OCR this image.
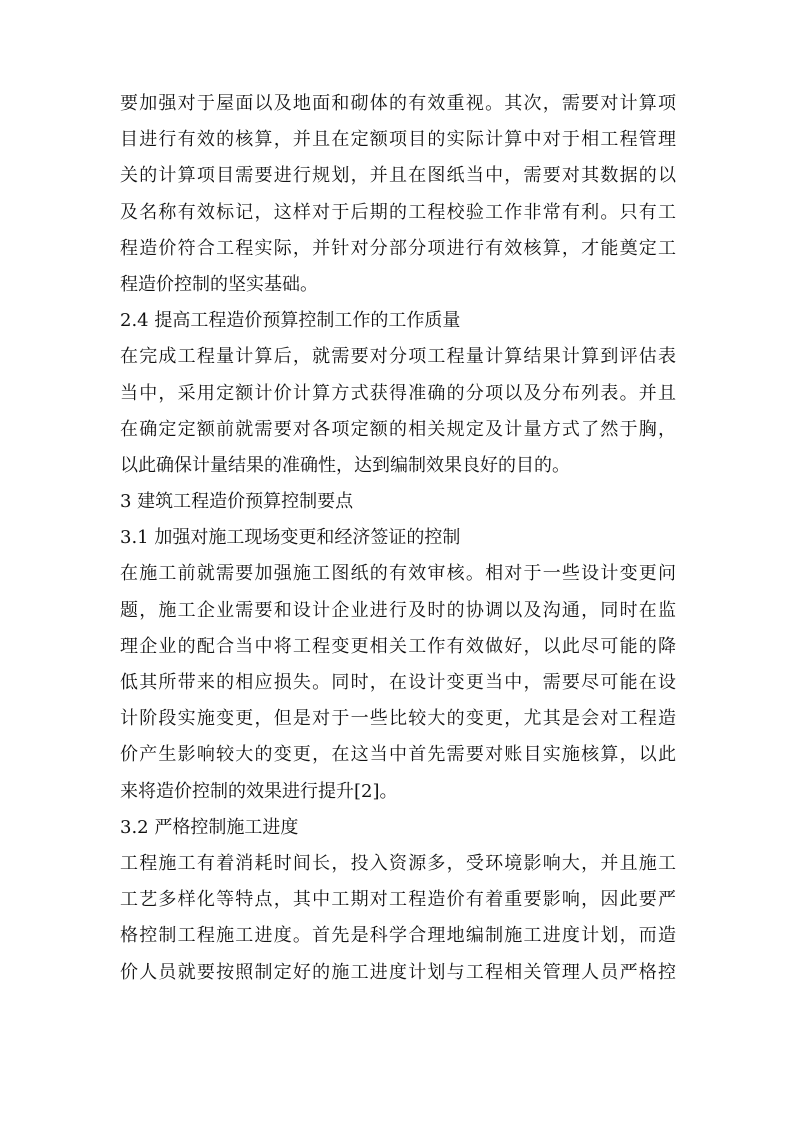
要加强对于屋面以及地面和砌体的有效重视。其次，需要对计算项
目进行有效的核算，并且在定额项目的实际计算中对于相工程管理
关的计算项目需要进行规划，并且在图纸当中，需要对其数据的以
及名称有效标记，这样对于后期的工程校验工作非常有利。只有工
程造价符合工程实际，并针对分部分项进行有效核算，才能奠定工
程造价控制的坚实基础。
2.4 提高工程造价预算控制工作的工作质量
在完成工程量计算后，就需要对分项工程量计算结果计算到评估表
当中，采用定额计价计算方式获得准确的分项以及分布列表。并且
在确定定额前就需要对各项定额的相关规定及计量方式了然于胸，
以此确保计量结果的准确性，达到编制效果良好的目的。
3 建筑工程造价预算控制要点
3.1 加强对施工现场变更和经济签证的控制
在施工前就需要加强施工图纸的有效审核。相对于一些设计变更问
题，施工企业需要和设计企业进行及时的协调以及沟通，同时在监
理企业的配合当中将工程变更相关工作有效做好，以此尽可能的降
低其所带来的相应损失。同时，在设计变更当中，需要尽可能在设
计阶段实施变更，但是对于一些比较大的变更，尤其是会对工程造
价产生影响较大的变更，在这当中首先需要对账目实施核算，以此
来将造价控制的效果进行提升[2]。
3.2 严格控制施工进度
工程施工有着消耗时间长，投入资源多，受环境影响大，并且施工
工艺多样化等特点，其中工期对工程造价有着重要影响，因此要严
格控制工程施工进度。首先是科学合理地编制施工进度计划，而造
价人员就要按照制定好的施工进度计划与工程相关管理人员严格控
